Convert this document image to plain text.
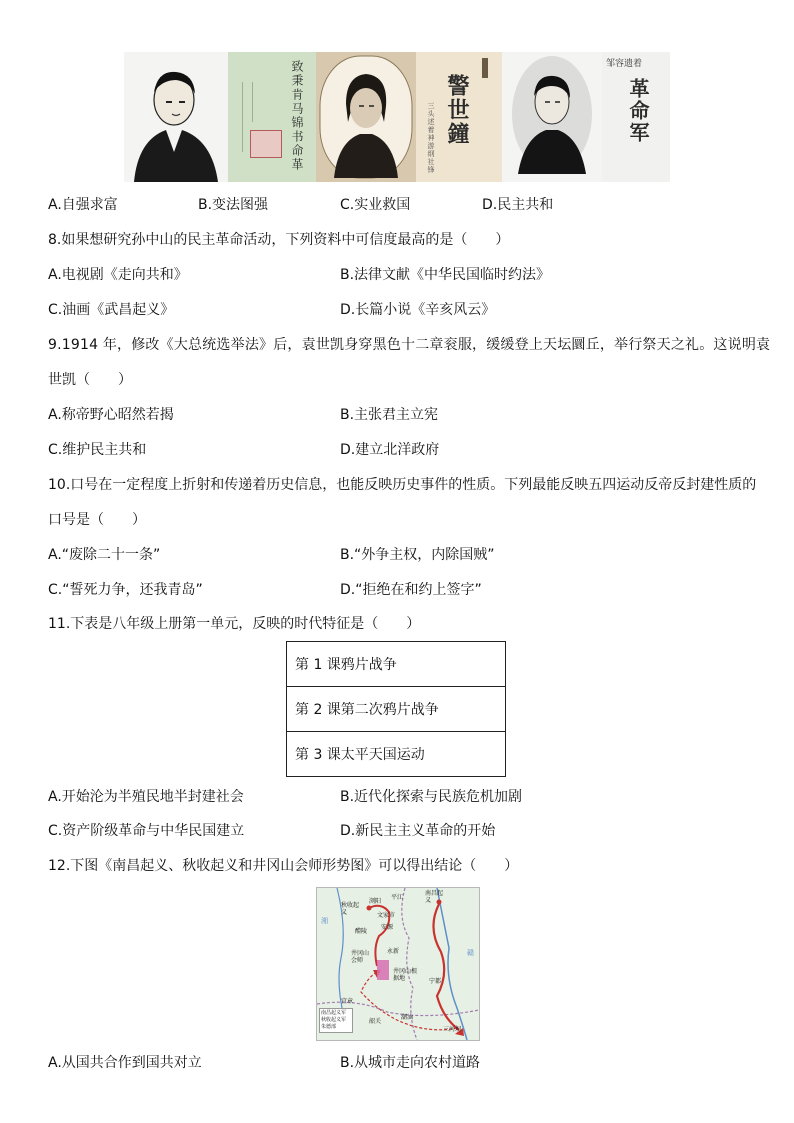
致秉肯马锦书命革	警世鐘
三头述着神游纲社锋	革命军
邹容遗着
A.自强求富	B.变法图强	C.实业救国	D.民主共和
8.如果想研究孙中山的民主革命活动，下列资料中可信度最高的是（　　）
A.电视剧《走向共和》	B.法律文献《中华民国临时约法》
C.油画《武昌起义》	D.长篇小说《辛亥风云》
9.1914 年，修改《大总统选举法》后，袁世凯身穿黑色十二章衮服，缓缓登上天坛圜丘，举行祭天之礼。这说明袁
世凯（　　）
A.称帝野心昭然若揭	B.主张君主立宪
C.维护民主共和	D.建立北洋政府
10.口号在一定程度上折射和传递着历史信息，也能反映历史事件的性质。下列最能反映五四运动反帝反封建性质的
口号是（　　）
A.“废除二十一条”	B.“外争主权，内除国贼”
C.“誓死力争，还我青岛”	D.“拒绝在和约上签字”
11.下表是八年级上册第一单元，反映的时代特征是（　　）
第 1 课鸦片战争
第 2 课第二次鸦片战争
第 3 课太平天国运动
A.开始沦为半殖民地半封建社会	B.近代化探索与民族危机加剧
C.资产阶级革命与中华民国建立	D.新民主主义革命的开始
12.下图《南昌起义、秋收起义和井冈山会师形势图》可以得出结论（　　）
南昌起义
秋收起义
井冈山会师
井冈山根据地
三河坝
安源
醴陵
浏阳
平江
文家市
永新
宁都
潮汕
宜章
韶关
湘
赣
南昌起义军
秋收起义军
朱德部
A.从国共合作到国共对立	B.从城市走向农村道路
